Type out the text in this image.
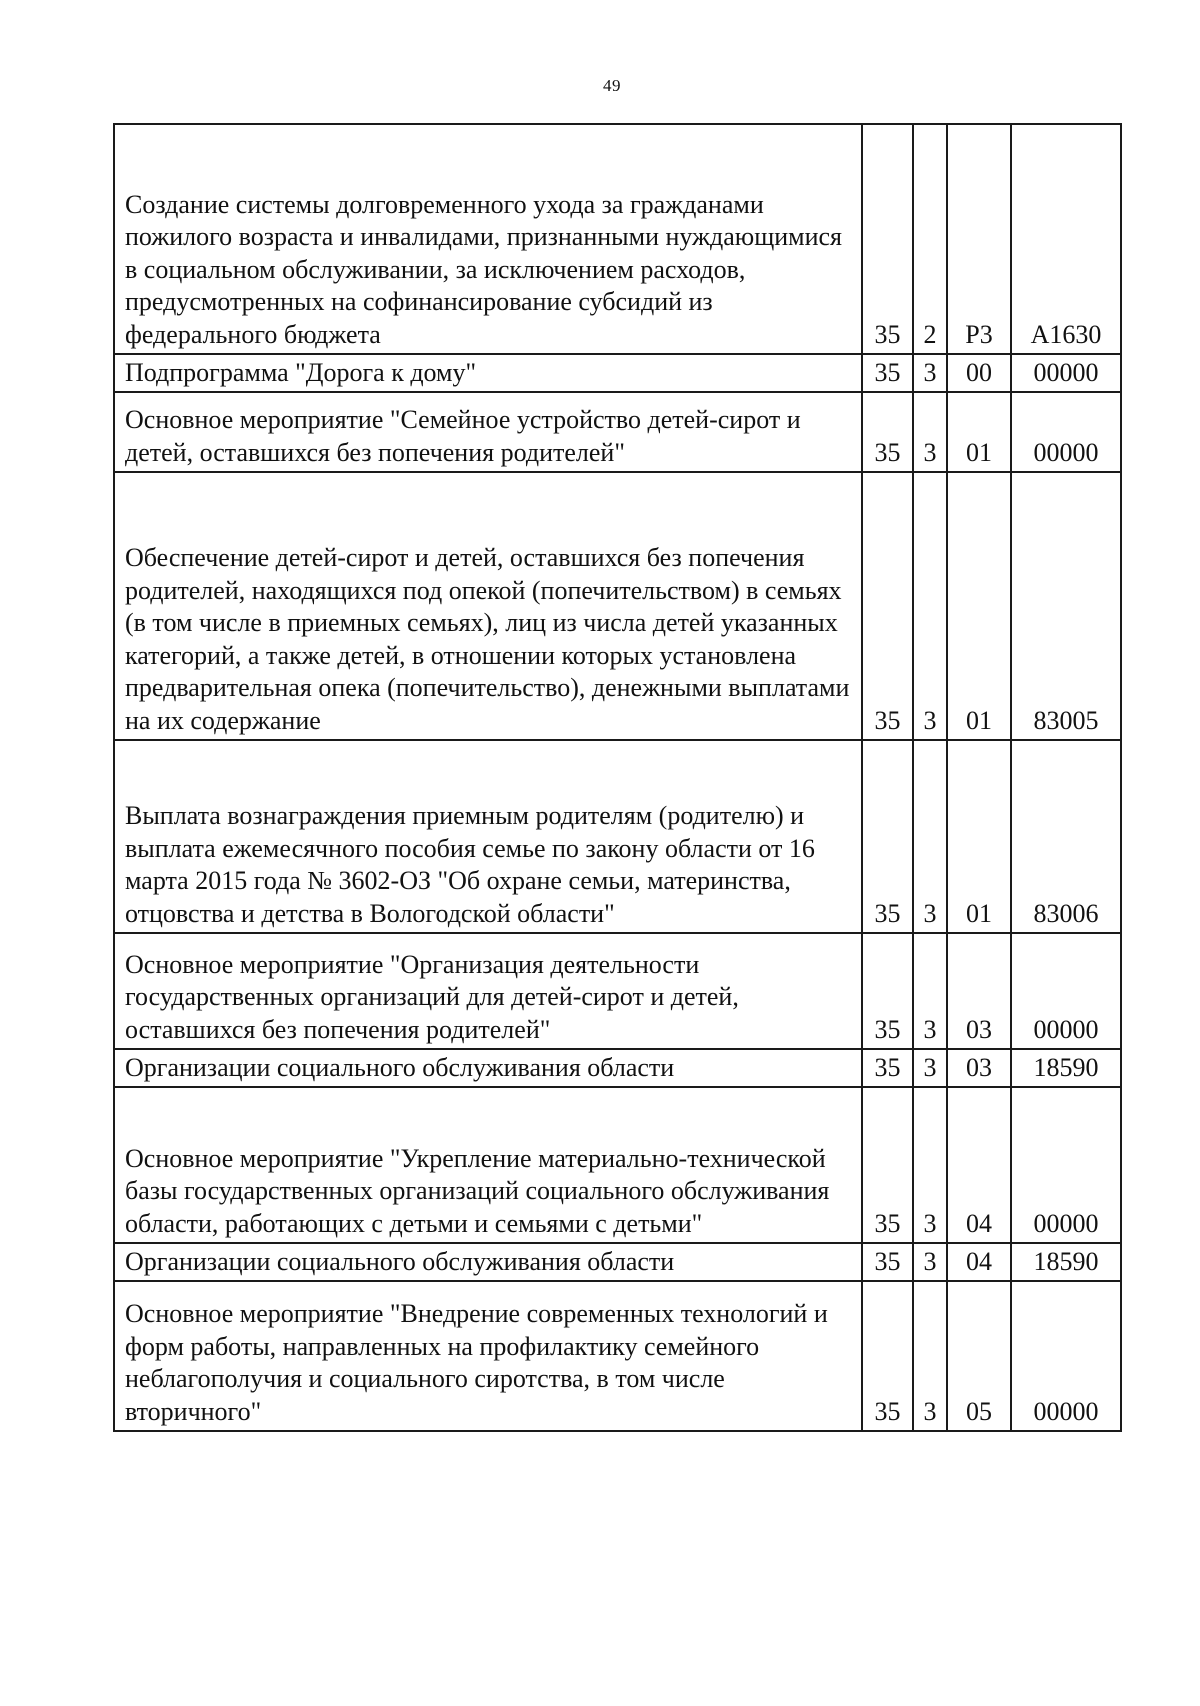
49
Создание системы долговременного ухода за гражданами пожилого возраста и инвалидами, признанными нуждающимися в социальном обслуживании, за исключением расходов, предусмотренных на софинансирование субсидий из федерального бюджета	35	2	P3	A1630
Подпрограмма "Дорога к дому"	35	3	00	00000
Основное мероприятие "Семейное устройство детей-сирот и детей, оставшихся без попечения родителей"	35	3	01	00000
Обеспечение детей-сирот и детей, оставшихся без попечения родителей, находящихся под опекой (попечительством) в семьях (в том числе в приемных семьях), лиц из числа детей указанных категорий, а также детей, в отношении которых установлена предварительная опека (попечительство), денежными выплатами на их содержание	35	3	01	83005
Выплата вознаграждения приемным родителям (родителю) и выплата ежемесячного пособия семье по закону области от 16 марта 2015 года № 3602-ОЗ "Об охране семьи, материнства, отцовства и детства в Вологодской области"	35	3	01	83006
Основное мероприятие "Организация деятельности государственных организаций для детей-сирот и детей, оставшихся без попечения родителей"	35	3	03	00000
Организации социального обслуживания области	35	3	03	18590
Основное мероприятие "Укрепление материально-технической базы государственных организаций социального обслуживания области, работающих с детьми и семьями с детьми"	35	3	04	00000
Организации социального обслуживания области	35	3	04	18590
Основное мероприятие "Внедрение современных технологий и форм работы, направленных на профилактику семейного неблагополучия и социального сиротства, в том числе вторичного"	35	3	05	00000
